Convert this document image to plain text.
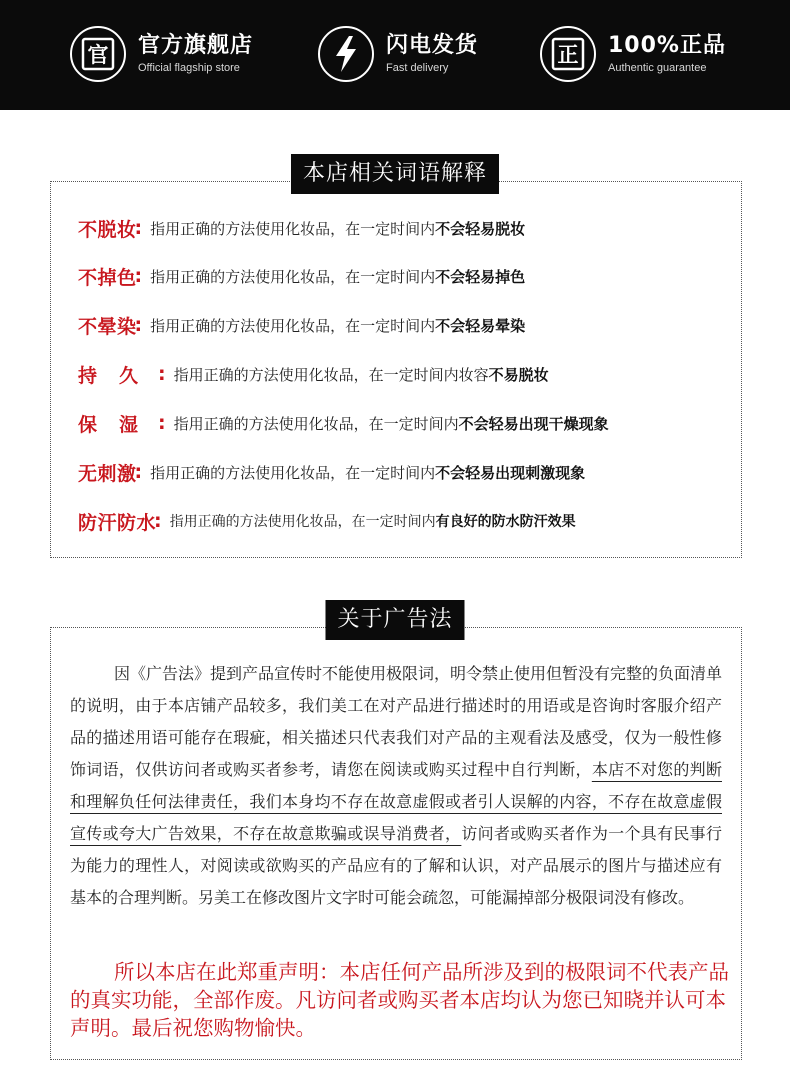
官 官方旗舰店
Official flagship store
闪电发货
Fast delivery
正 100%正品
Authentic guarantee
本店相关词语解释
不脱妆
: 指用正确的方法使用化妆品，在一定时间内 不会轻易脱妆
不掉色
: 指用正确的方法使用化妆品，在一定时间内 不会轻易掉色
不晕染
: 指用正确的方法使用化妆品，在一定时间内 不会轻易晕染
持久
: 指用正确的方法使用化妆品，在一定时间内妆容 不易脱妆
保湿
: 指用正确的方法使用化妆品，在一定时间内 不会轻易出现干燥现象
无刺激
: 指用正确的方法使用化妆品，在一定时间内 不会轻易出现刺激现象
防汗防水
: 指用正确的方法使用化妆品，在一定时间内 有良好的防水防汗效果
关于广告法
因《广告法》提到产品宣传时不能使用极限词，明令禁止使用但暂没有完整的负面清单的说明，由于本店铺产品较多，我们美工在对产品进行描述时的用语或是咨询时客服介绍产品的描述用语可能存在瑕疵，相关描述只代表我们对产品的主观看法及感受，仅为一般性修饰词语，仅供访问者或购买者参考，请您在阅读或购买过程中自行判断，本店不对您的判断和理解负任何法律责任，我们本身均不存在故意虚假或者引人误解的内容，不存在故意虚假宣传或夸大广告效果，不存在故意欺骗或误导消费者，访问者或购买者作为一个具有民事行为能力的理性人，对阅读或欲购买的产品应有的了解和认识，对产品展示的图片与描述应有基本的合理判断。另美工在修改图片文字时可能会疏忽，可能漏掉部分极限词没有修改。
所以本店在此郑重声明：本店任何产品所涉及到的极限词不代表产品的真实功能，全部作废。凡访问者或购买者本店均认为您已知晓并认可本声明。最后祝您购物愉快。
